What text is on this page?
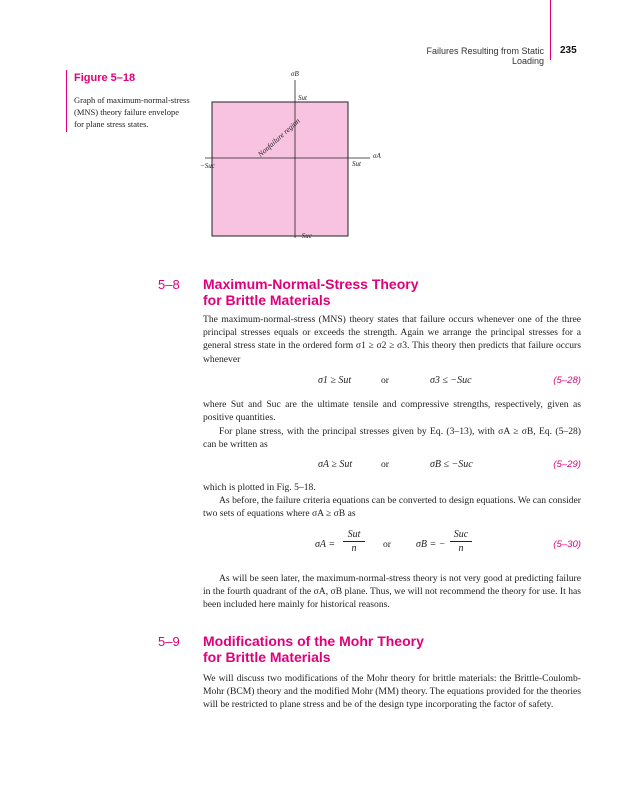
Failures Resulting from Static Loading
235
Figure 5–18
Graph of maximum-normal-stress (MNS) theory failure envelope for plane stress states.
σB
σA
Sut
Sut
−Suc
−Suc
Nonfailure region
5–8 Maximum-Normal-Stress Theory
for Brittle Materials
The maximum-normal-stress (MNS) theory states that failure occurs whenever one of the three principal stresses equals or exceeds the strength. Again we arrange the principal stresses for a general stress state in the ordered form σ1 ≥ σ2 ≥ σ3. This theory then predicts that failure occurs whenever
σ1 ≥ Sut	or	σ3 ≤ −Suc	(5–28)
where Sut and Suc are the ultimate tensile and compressive strengths, respectively, given as positive quantities.
For plane stress, with the principal stresses given by Eq. (3–13), with σA ≥ σB, Eq. (5–28) can be written as
σA ≥ Sut	or	σB ≤ −Suc	(5–29)
which is plotted in Fig. 5–18.
As before, the failure criteria equations can be converted to design equations. We can consider two sets of equations where σA ≥ σB as
σA =
Sut
n	or	σB = −
Suc
n	(5–30)
As will be seen later, the maximum-normal-stress theory is not very good at predicting failure in the fourth quadrant of the σA, σB plane. Thus, we will not recommend the theory for use. It has been included here mainly for historical reasons.
5–9 Modifications of the Mohr Theory
for Brittle Materials
We will discuss two modifications of the Mohr theory for brittle materials: the Brittle-Coulomb-Mohr (BCM) theory and the modified Mohr (MM) theory. The equations provided for the theories will be restricted to plane stress and be of the design type incorporating the factor of safety.
